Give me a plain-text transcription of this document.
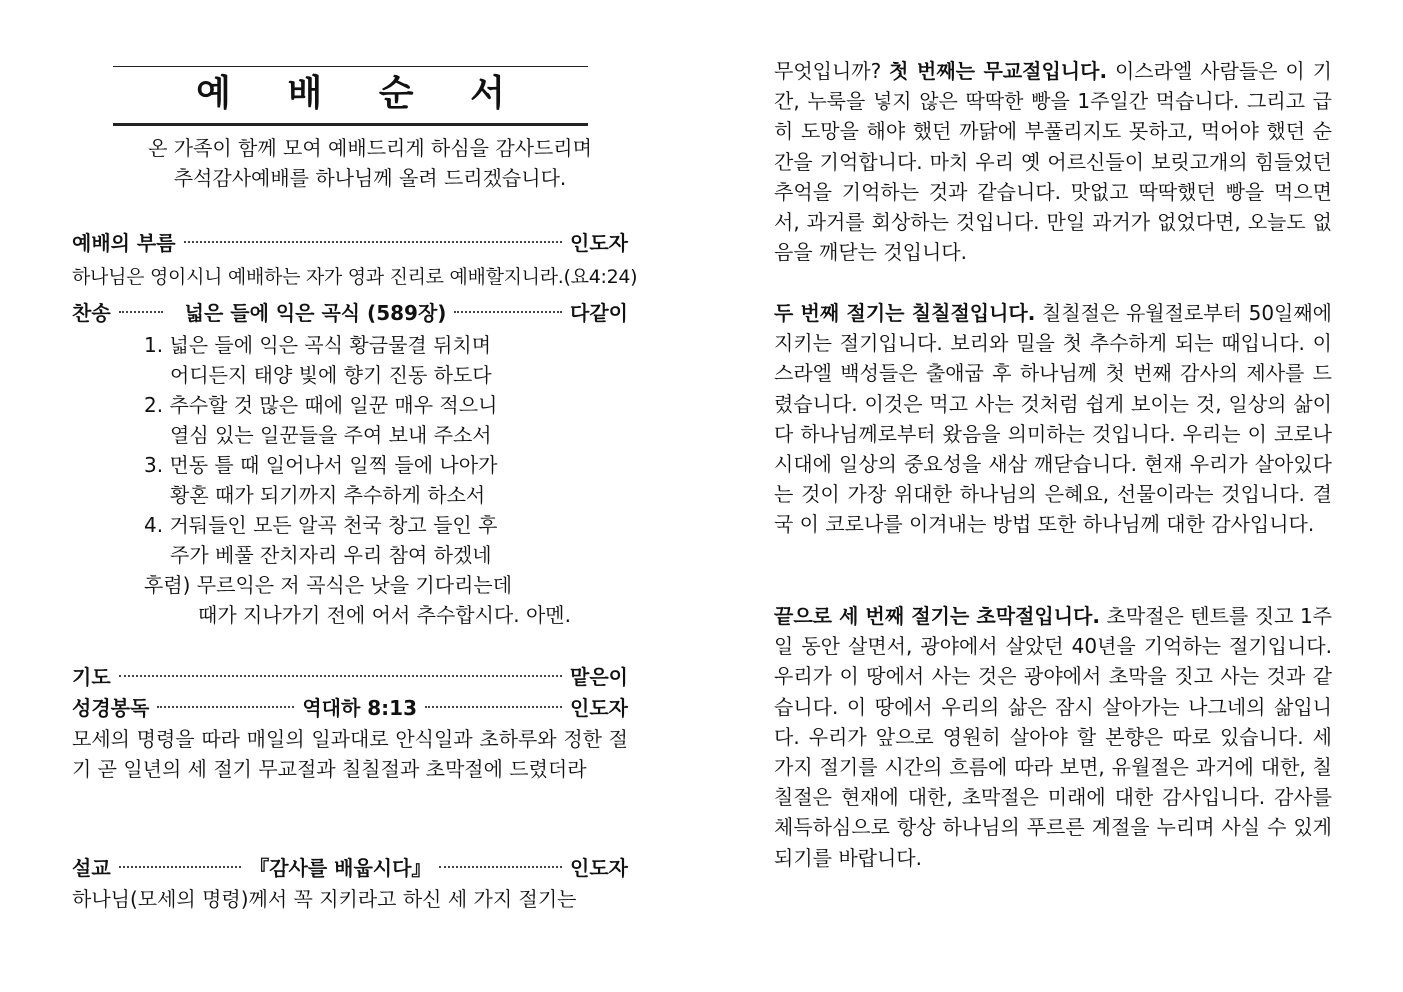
예 배 순 서
온 가족이 함께 모여 예배드리게 하심을 감사드리며
추석감사예배를 하나님께 올려 드리겠습니다.
예배의 부름	인도자
하나님은 영이시니 예배하는 자가 영과 진리로 예배할지니라.(요4:24)
찬송	넓은 들에 익은 곡식 (589장)	다같이
1. 넓은 들에 익은 곡식 황금물결 뒤치며
어디든지 태양 빛에 향기 진동 하도다
2. 추수할 것 많은 때에 일꾼 매우 적으니
열심 있는 일꾼들을 주여 보내 주소서
3. 먼동 틀 때 일어나서 일찍 들에 나아가
황혼 때가 되기까지 추수하게 하소서
4. 거둬들인 모든 알곡 천국 창고 들인 후
주가 베풀 잔치자리 우리 참여 하겠네
후렴) 무르익은 저 곡식은 낫을 기다리는데
때가 지나가기 전에 어서 추수합시다. 아멘.
기도	맡은이
성경봉독	역대하 8:13	인도자
모세의 명령을 따라 매일의 일과대로 안식일과 초하루와 정한 절기 곧 일년의 세 절기 무교절과 칠칠절과 초막절에 드렸더라
설교	『감사를 배웁시다』	인도자
하나님(모세의 명령)께서 꼭 지키라고 하신 세 가지 절기는
무엇입니까? 첫 번째는 무교절입니다. 이스라엘 사람들은 이 기간, 누룩을 넣지 않은 딱딱한 빵을 1주일간 먹습니다. 그리고 급히 도망을 해야 했던 까닭에 부풀리지도 못하고, 먹어야 했던 순간을 기억합니다. 마치 우리 옛 어르신들이 보릿고개의 힘들었던 추억을 기억하는 것과 같습니다. 맛없고 딱딱했던 빵을 먹으면서, 과거를 회상하는 것입니다. 만일 과거가 없었다면, 오늘도 없음을 깨닫는 것입니다.
두 번째 절기는 칠칠절입니다. 칠칠절은 유월절로부터 50일째에 지키는 절기입니다. 보리와 밀을 첫 추수하게 되는 때입니다. 이스라엘 백성들은 출애굽 후 하나님께 첫 번째 감사의 제사를 드렸습니다. 이것은 먹고 사는 것처럼 쉽게 보이는 것, 일상의 삶이 다 하나님께로부터 왔음을 의미하는 것입니다. 우리는 이 코로나 시대에 일상의 중요성을 새삼 깨닫습니다. 현재 우리가 살아있다는 것이 가장 위대한 하나님의 은혜요, 선물이라는 것입니다. 결국 이 코로나를 이겨내는 방법 또한 하나님께 대한 감사입니다.
끝으로 세 번째 절기는 초막절입니다. 초막절은 텐트를 짓고 1주일 동안 살면서, 광야에서 살았던 40년을 기억하는 절기입니다. 우리가 이 땅에서 사는 것은 광야에서 초막을 짓고 사는 것과 같습니다. 이 땅에서 우리의 삶은 잠시 살아가는 나그네의 삶입니다. 우리가 앞으로 영원히 살아야 할 본향은 따로 있습니다. 세 가지 절기를 시간의 흐름에 따라 보면, 유월절은 과거에 대한, 칠칠절은 현재에 대한, 초막절은 미래에 대한 감사입니다. 감사를 체득하심으로 항상 하나님의 푸르른 계절을 누리며 사실 수 있게 되기를 바랍니다.
